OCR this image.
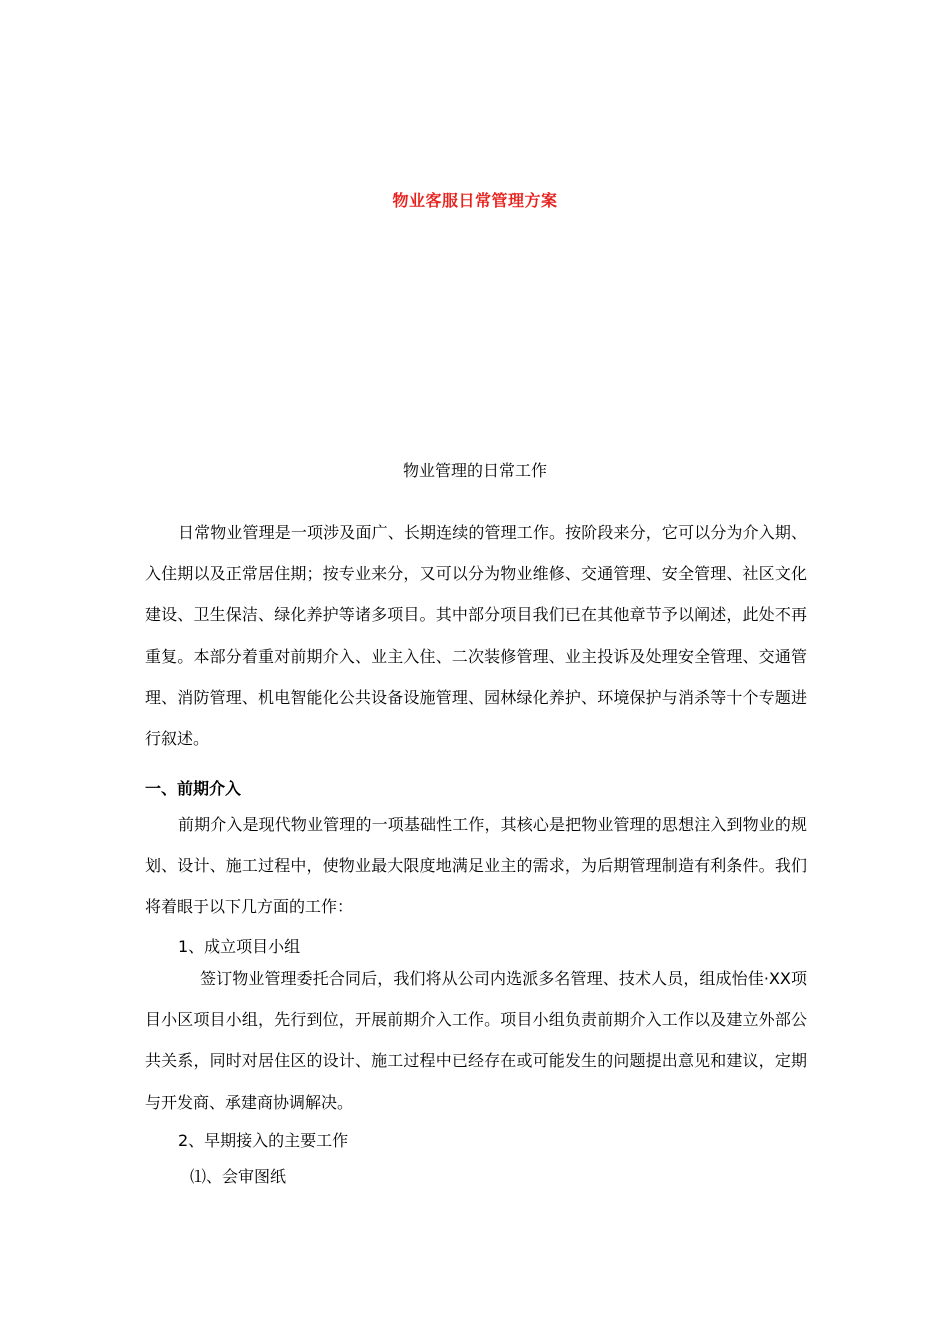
物业客服日常管理方案
物业管理的日常工作

日常物业管理是一项涉及面广、长期连续的管理工作。按阶段来分，它可以分为介入期、入住期以及正常居住期；按专业来分，又可以分为物业维修、交通管理、安全管理、社区文化建设、卫生保洁、绿化养护等诸多项目。其中部分项目我们已在其他章节予以阐述，此处不再重复。本部分着重对前期介入、业主入住、二次装修管理、业主投诉及处理安全管理、交通管理、消防管理、机电智能化公共设备设施管理、园林绿化养护、环境保护与消杀等十个专题进行叙述。

一、前期介入

前期介入是现代物业管理的一项基础性工作，其核心是把物业管理的思想注入到物业的规划、设计、施工过程中，使物业最大限度地满足业主的需求，为后期管理制造有利条件。我们将着眼于以下几方面的工作：

1、成立项目小组

签订物业管理委托合同后，我们将从公司内选派多名管理、技术人员，组成怡佳·XX项目小区项目小组，先行到位，开展前期介入工作。项目小组负责前期介入工作以及建立外部公共关系，同时对居住区的设计、施工过程中已经存在或可能发生的问题提出意见和建议，定期与开发商、承建商协调解决。

2、早期接入的主要工作
⑴、会审图纸
